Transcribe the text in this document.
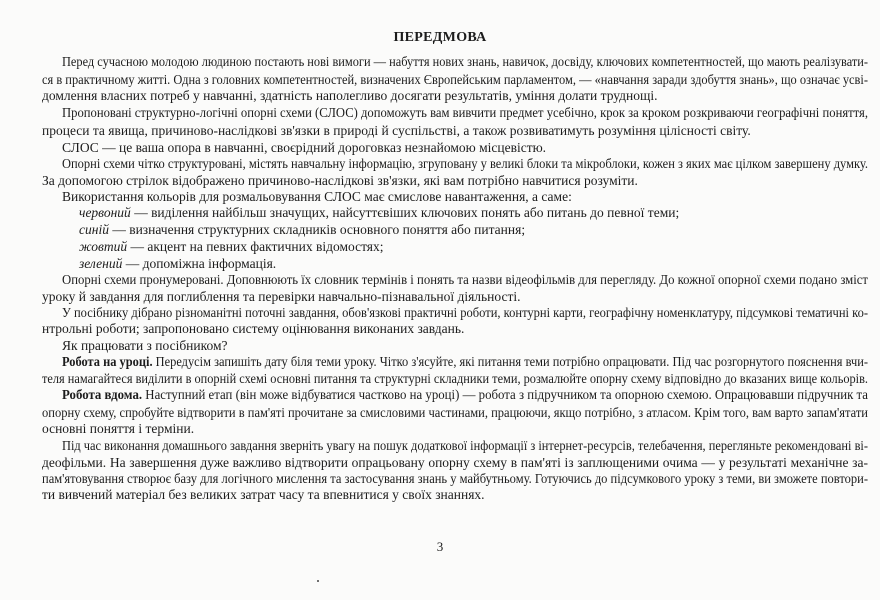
ПЕРЕДМОВА
Перед сучасною молодою людиною постають нові вимоги — набуття нових знань, навичок, досвіду, ключових компетентностей, що мають реалізувати-
ся в практичному житті. Одна з головних компетентностей, визначених Європейським парламентом, — «навчання заради здобуття знань», що означає усві-
домлення власних потреб у навчанні, здатність наполегливо досягати результатів, уміння долати труднощі.
Пропоновані структурно-логічні опорні схеми (СЛОС) допоможуть вам вивчити предмет усебічно, крок за кроком розкриваючи географічні поняття,
процеси та явища, причиново-наслідкові зв'язки в природі й суспільстві, а також розвиватимуть розуміння цілісності світу.
СЛОС — це ваша опора в навчанні, своєрідний дороговказ незнайомою місцевістю.
Опорні схеми чітко структуровані, містять навчальну інформацію, згруповану у великі блоки та мікроблоки, кожен з яких має цілком завершену думку.
За допомогою стрілок відображено причиново-наслідкові зв'язки, які вам потрібно навчитися розуміти.
Використання кольорів для розмальовування СЛОС має смислове навантаження, а саме:
червоний — виділення найбільш значущих, найсуттєвіших ключових понять або питань до певної теми;
синій — визначення структурних складників основного поняття або питання;
жовтий — акцент на певних фактичних відомостях;
зелений — допоміжна інформація.
Опорні схеми пронумеровані. Доповнюють їх словник термінів і понять та назви відеофільмів для перегляду. До кожної опорної схеми подано зміст
уроку й завдання для поглиблення та перевірки навчально-пізнавальної діяльності.
У посібнику дібрано різноманітні поточні завдання, обов'язкові практичні роботи, контурні карти, географічну номенклатуру, підсумкові тематичні ко-
нтрольні роботи; запропоновано систему оцінювання виконаних завдань.
Як працювати з посібником?
Робота на уроці. Передусім запишіть дату біля теми уроку. Чітко з'ясуйте, які питання теми потрібно опрацювати. Під час розгорнутого пояснення вчи-
теля намагайтеся виділити в опорній схемі основні питання та структурні складники теми, розмалюйте опорну схему відповідно до вказаних вище кольорів.
Робота вдома. Наступний етап (він може відбуватися частково на уроці) — робота з підручником та опорною схемою. Опрацювавши підручник та
опорну схему, спробуйте відтворити в пам'яті прочитане за смисловими частинами, працюючи, якщо потрібно, з атласом. Крім того, вам варто запам'ятати
основні поняття і терміни.
Під час виконання домашнього завдання зверніть увагу на пошук додаткової інформації з інтернет-ресурсів, телебачення, перегляньте рекомендовані ві-
деофільми. На завершення дуже важливо відтворити опрацьовану опорну схему в пам'яті із заплющеними очима — у результаті механічне за-
пам'ятовування створює базу для логічного мислення та застосування знань у майбутньому. Готуючись до підсумкового уроку з теми, ви зможете повтори-
ти вивчений матеріал без великих затрат часу та впевнитися у своїх знаннях.
3
